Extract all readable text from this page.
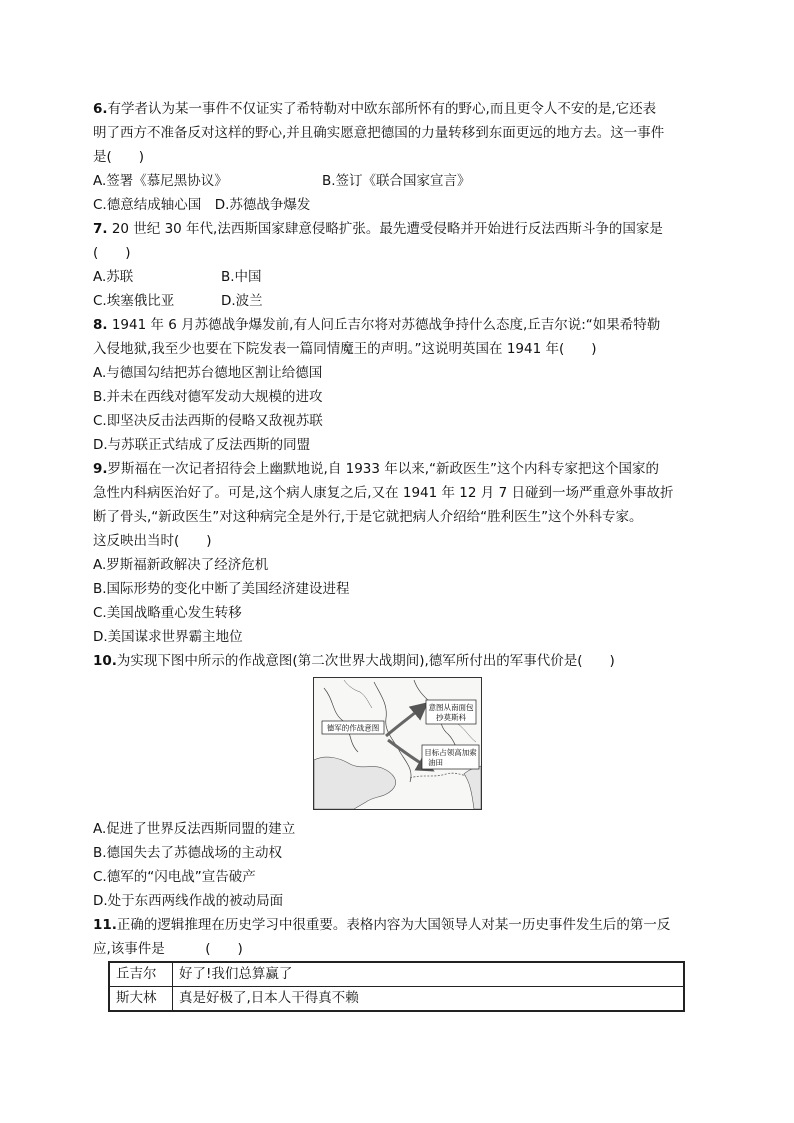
6.有学者认为某一事件不仅证实了希特勒对中欧东部所怀有的野心,而且更令人不安的是,它还表
明了西方不准备反对这样的野心,并且确实愿意把德国的力量转移到东面更远的地方去。这一事件
是(　　)
A.签署《慕尼黑协议》	B.签订《联合国家宣言》
C.德意结成轴心国　D.苏德战争爆发
7. 20 世纪 30 年代,法西斯国家肆意侵略扩张。最先遭受侵略并开始进行反法西斯斗争的国家是
(　　)
A.苏联	B.中国
C.埃塞俄比亚	D.波兰
8. 1941 年 6 月苏德战争爆发前,有人问丘吉尔将对苏德战争持什么态度,丘吉尔说:“如果希特勒
入侵地狱,我至少也要在下院发表一篇同情魔王的声明。”这说明英国在 1941 年(　　)
A.与德国勾结把苏台德地区割让给德国
B.并未在西线对德军发动大规模的进攻
C.即坚决反击法西斯的侵略又敌视苏联
D.与苏联正式结成了反法西斯的同盟
9.罗斯福在一次记者招待会上幽默地说,自 1933 年以来,“新政医生”这个内科专家把这个国家的
急性内科病医治好了。可是,这个病人康复之后,又在 1941 年 12 月 7 日碰到一场严重意外事故折
断了骨头,“新政医生”对这种病完全是外行,于是它就把病人介绍给“胜利医生”这个外科专家。
这反映出当时(　　)
A.罗斯福新政解决了经济危机
B.国际形势的变化中断了美国经济建设进程
C.美国战略重心发生转移
D.美国谋求世界霸主地位
10.为实现下图中所示的作战意图(第二次世界大战期间),德军所付出的军事代价是(　　)
德军的作战意图
意图从南面包
抄莫斯科
目标占领高加索
油田
A.促进了世界反法西斯同盟的建立
B.德国失去了苏德战场的主动权
C.德军的“闪电战”宣告破产
D.处于东西两线作战的被动局面
11.正确的逻辑推理在历史学习中很重要。表格内容为大国领导人对某一历史事件发生后的第一反
应,该事件是　　　(　　)
丘吉尔	好了!我们总算赢了
斯大林	真是好极了,日本人干得真不赖
